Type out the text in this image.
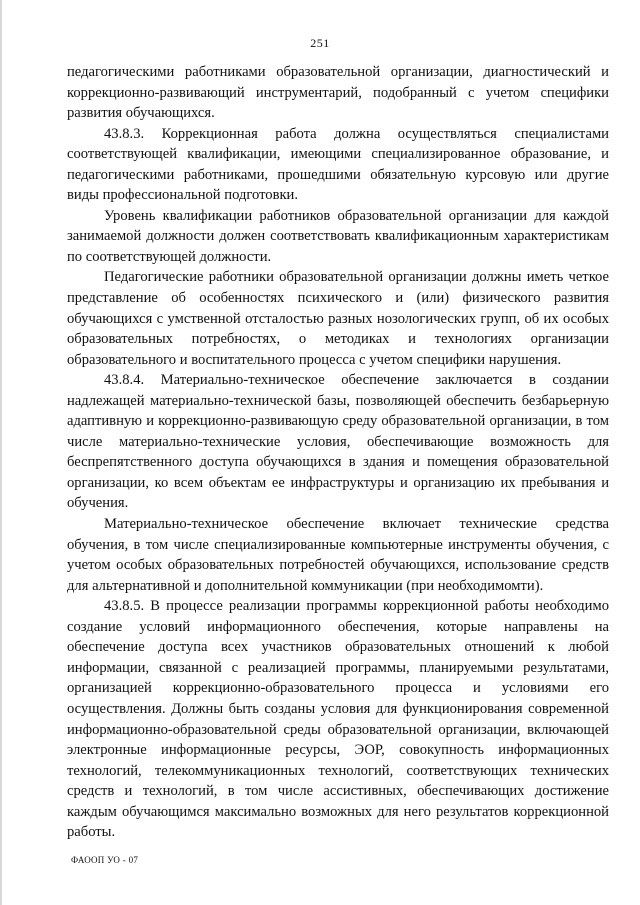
251

педагогическими работниками образовательной организации, диагностический и коррекционно-развивающий инструментарий, подобранный с учетом специфики развития обучающихся.

43.8.3. Коррекционная работа должна осуществляться специалистами соответствующей квалификации, имеющими специализированное образование, и педагогическими работниками, прошедшими обязательную курсовую или другие виды профессиональной подготовки.

Уровень квалификации работников образовательной организации для каждой занимаемой должности должен соответствовать квалификационным характеристикам по соответствующей должности.

Педагогические работники образовательной организации должны иметь четкое представление об особенностях психического и (или) физического развития обучающихся с умственной отсталостью разных нозологических групп, об их особых образовательных потребностях, о методиках и технологиях организации образовательного и воспитательного процесса с учетом специфики нарушения.

43.8.4. Материально-техническое обеспечение заключается в создании надлежащей материально-технической базы, позволяющей обеспечить безбарьерную адаптивную и коррекционно-развивающую среду образовательной организации, в том числе материально-технические условия, обеспечивающие возможность для беспрепятственного доступа обучающихся в здания и помещения образовательной организации, ко всем объектам ее инфраструктуры и организацию их пребывания и обучения.

Материально-техническое обеспечение включает технические средства обучения, в том числе специализированные компьютерные инструменты обучения, с учетом особых образовательных потребностей обучающихся, использование средств для альтернативной и дополнительной коммуникации (при необходимомти).

43.8.5. В процессе реализации программы коррекционной работы необходимо создание условий информационного обеспечения, которые направлены на обеспечение доступа всех участников образовательных отношений к любой информации, связанной с реализацией программы, планируемыми результатами, организацией коррекционно-образовательного процесса и условиями его осуществления. Должны быть созданы условия для функционирования современной информационно-образовательной среды образовательной организации, включающей электронные информационные ресурсы, ЭОР, совокупность информационных технологий, телекоммуникационных технологий, соответствующих технических средств и технологий, в том числе ассистивных, обеспечивающих достижение каждым обучающимся максимально возможных для него результатов коррекционной работы.

ФАООП УО - 07
